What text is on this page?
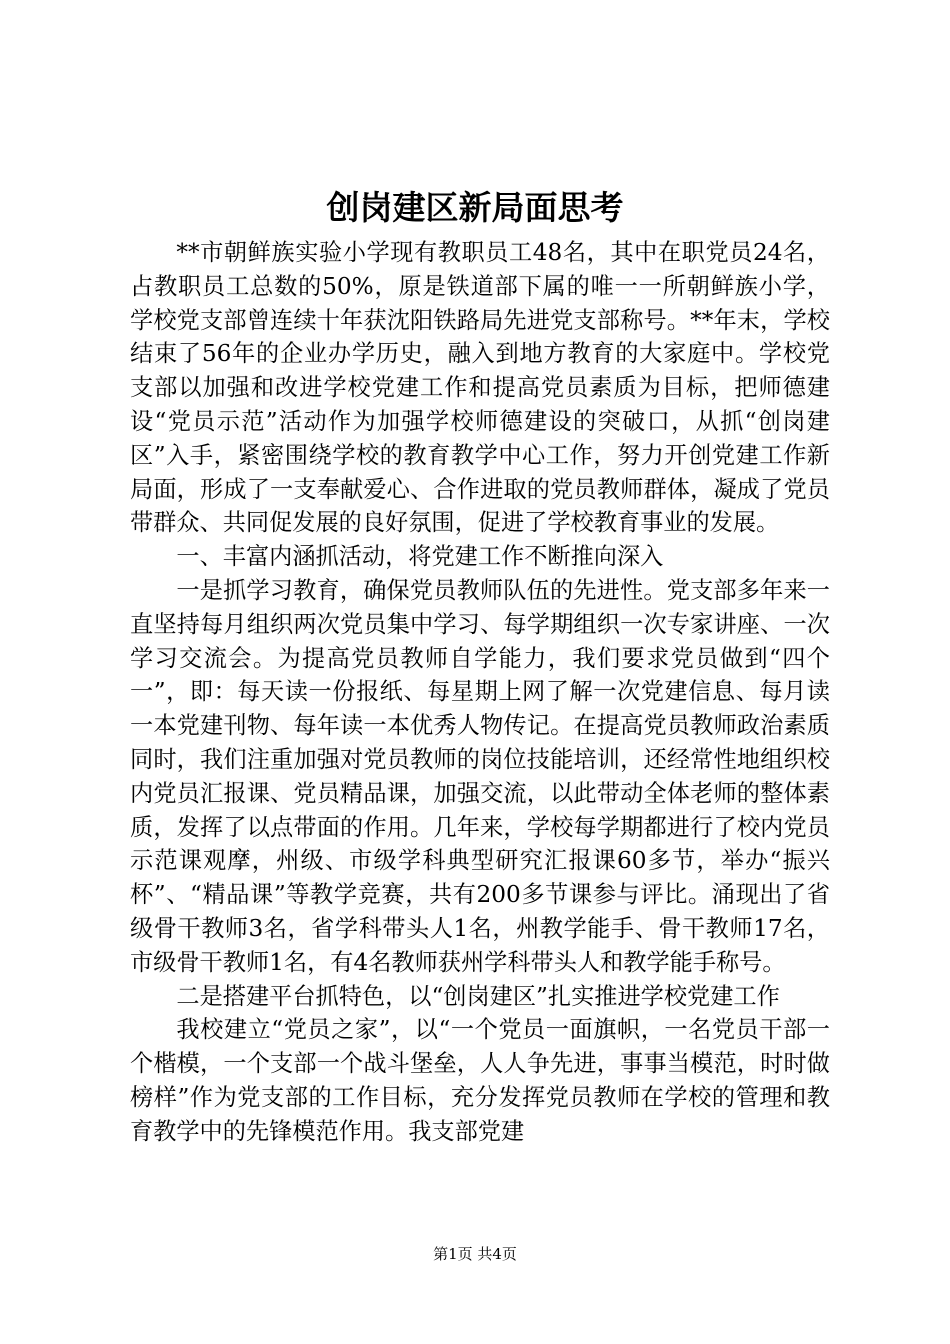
创岗建区新局面思考

**市朝鲜族实验小学现有教职员工48名，其中在职党员24名，占教职员工总数的50%，原是铁道部下属的唯一一所朝鲜族小学，学校党支部曾连续十年获沈阳铁路局先进党支部称号。**年末，学校结束了56年的企业办学历史，融入到地方教育的大家庭中。学校党支部以加强和改进学校党建工作和提高党员素质为目标，把师德建设“党员示范”活动作为加强学校师德建设的突破口，从抓“创岗建区”入手，紧密围绕学校的教育教学中心工作，努力开创党建工作新局面，形成了一支奉献爱心、合作进取的党员教师群体，凝成了党员带群众、共同促发展的良好氛围，促进了学校教育事业的发展。

一、丰富内涵抓活动，将党建工作不断推向深入

一是抓学习教育，确保党员教师队伍的先进性。党支部多年来一直坚持每月组织两次党员集中学习、每学期组织一次专家讲座、一次学习交流会。为提高党员教师自学能力，我们要求党员做到“四个一”，即：每天读一份报纸、每星期上网了解一次党建信息、每月读一本党建刊物、每年读一本优秀人物传记。在提高党员教师政治素质同时，我们注重加强对党员教师的岗位技能培训，还经常性地组织校内党员汇报课、党员精品课，加强交流，以此带动全体老师的整体素质，发挥了以点带面的作用。几年来，学校每学期都进行了校内党员示范课观摩，州级、市级学科典型研究汇报课60多节，举办“振兴杯”、“精品课”等教学竞赛，共有200多节课参与评比。涌现出了省级骨干教师3名，省学科带头人1名，州教学能手、骨干教师17名，市级骨干教师1名，有4名教师获州学科带头人和教学能手称号。

二是搭建平台抓特色，以“创岗建区”扎实推进学校党建工作

我校建立“党员之家”，以“一个党员一面旗帜，一名党员干部一个楷模，一个支部一个战斗堡垒，人人争先进，事事当模范，时时做榜样”作为党支部的工作目标，充分发挥党员教师在学校的管理和教育教学中的先锋模范作用。我支部党建

第1页 共4页
